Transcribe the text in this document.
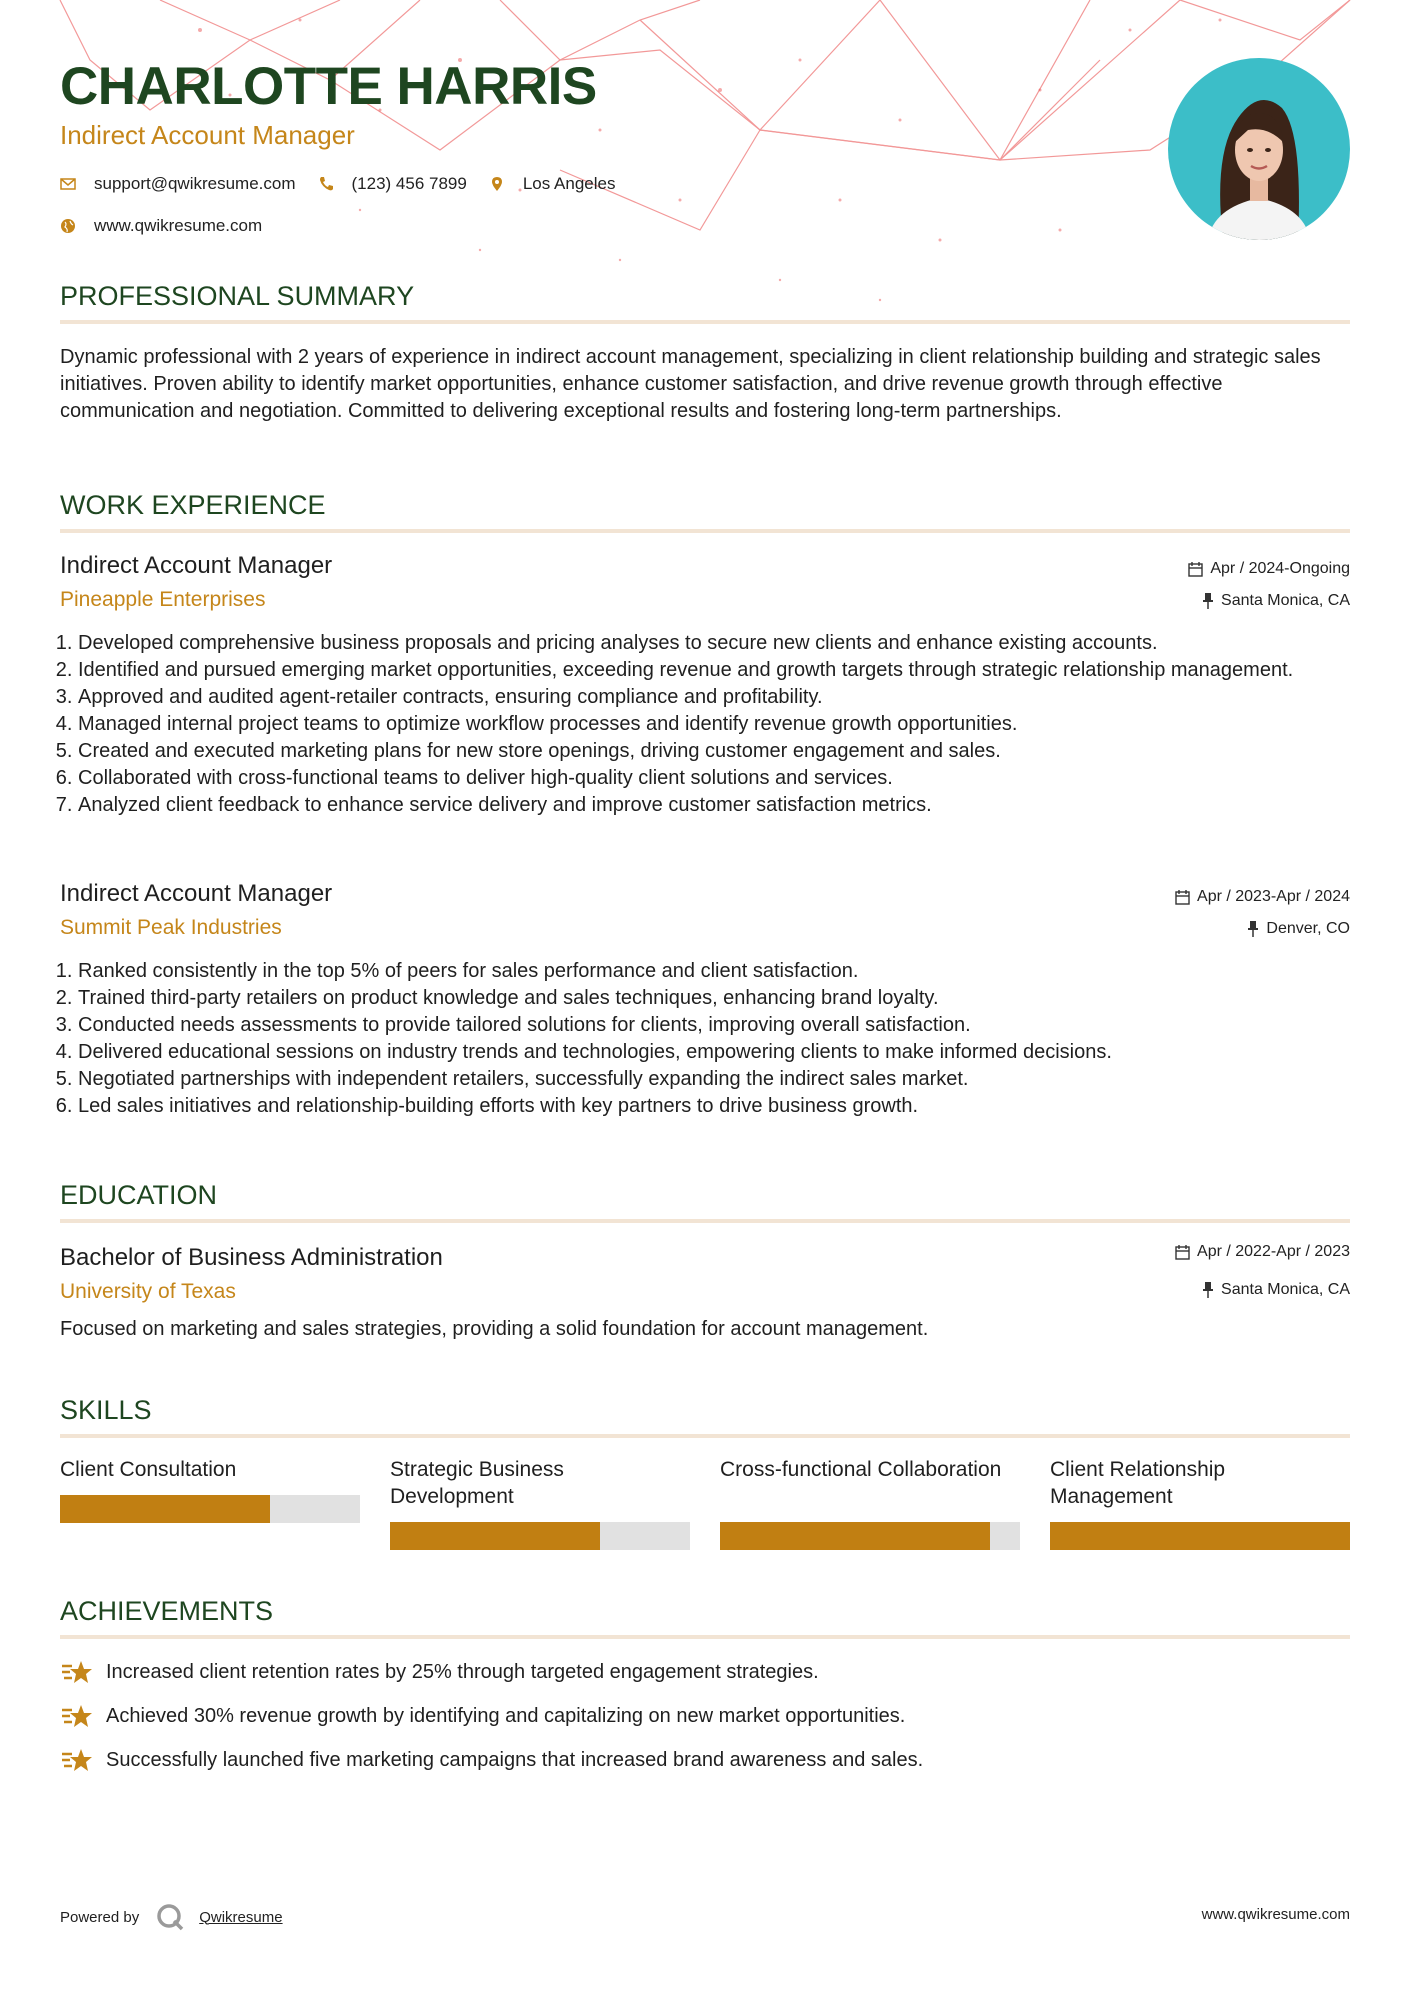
CHARLOTTE HARRIS
Indirect Account Manager
support@qwikresume.com	(123) 456 7899	Los Angeles
www.qwikresume.com
PROFESSIONAL SUMMARY

Dynamic professional with 2 years of experience in indirect account management, specializing in client relationship building and strategic sales initiatives. Proven ability to identify market opportunities, enhance customer satisfaction, and drive revenue growth through effective communication and negotiation. Committed to delivering exceptional results and fostering long-term partnerships.

WORK EXPERIENCE
Indirect Account Manager
Pineapple Enterprises
Apr / 2024-Ongoing
Santa Monica, CA
1. Developed comprehensive business proposals and pricing analyses to secure new clients and enhance existing accounts.
2. Identified and pursued emerging market opportunities, exceeding revenue and growth targets through strategic relationship management.
3. Approved and audited agent-retailer contracts, ensuring compliance and profitability.
4. Managed internal project teams to optimize workflow processes and identify revenue growth opportunities.
5. Created and executed marketing plans for new store openings, driving customer engagement and sales.
6. Collaborated with cross-functional teams to deliver high-quality client solutions and services.
7. Analyzed client feedback to enhance service delivery and improve customer satisfaction metrics.
Indirect Account Manager
Summit Peak Industries
Apr / 2023-Apr / 2024
Denver, CO
1. Ranked consistently in the top 5% of peers for sales performance and client satisfaction.
2. Trained third-party retailers on product knowledge and sales techniques, enhancing brand loyalty.
3. Conducted needs assessments to provide tailored solutions for clients, improving overall satisfaction.
4. Delivered educational sessions on industry trends and technologies, empowering clients to make informed decisions.
5. Negotiated partnerships with independent retailers, successfully expanding the indirect sales market.
6. Led sales initiatives and relationship-building efforts with key partners to drive business growth.
EDUCATION
Bachelor of Business Administration
University of Texas
Apr / 2022-Apr / 2023
Santa Monica, CA

Focused on marketing and sales strategies, providing a solid foundation for account management.

SKILLS
Client Consultation	Strategic Business Development
Cross-functional Collaboration	Client Relationship Management
ACHIEVEMENTS
Increased client retention rates by 25% through targeted engagement strategies.
Achieved 30% revenue growth by identifying and capitalizing on new market opportunities.
Successfully launched five marketing campaigns that increased brand awareness and sales.
Powered by	Qwikresume	www.qwikresume.com
